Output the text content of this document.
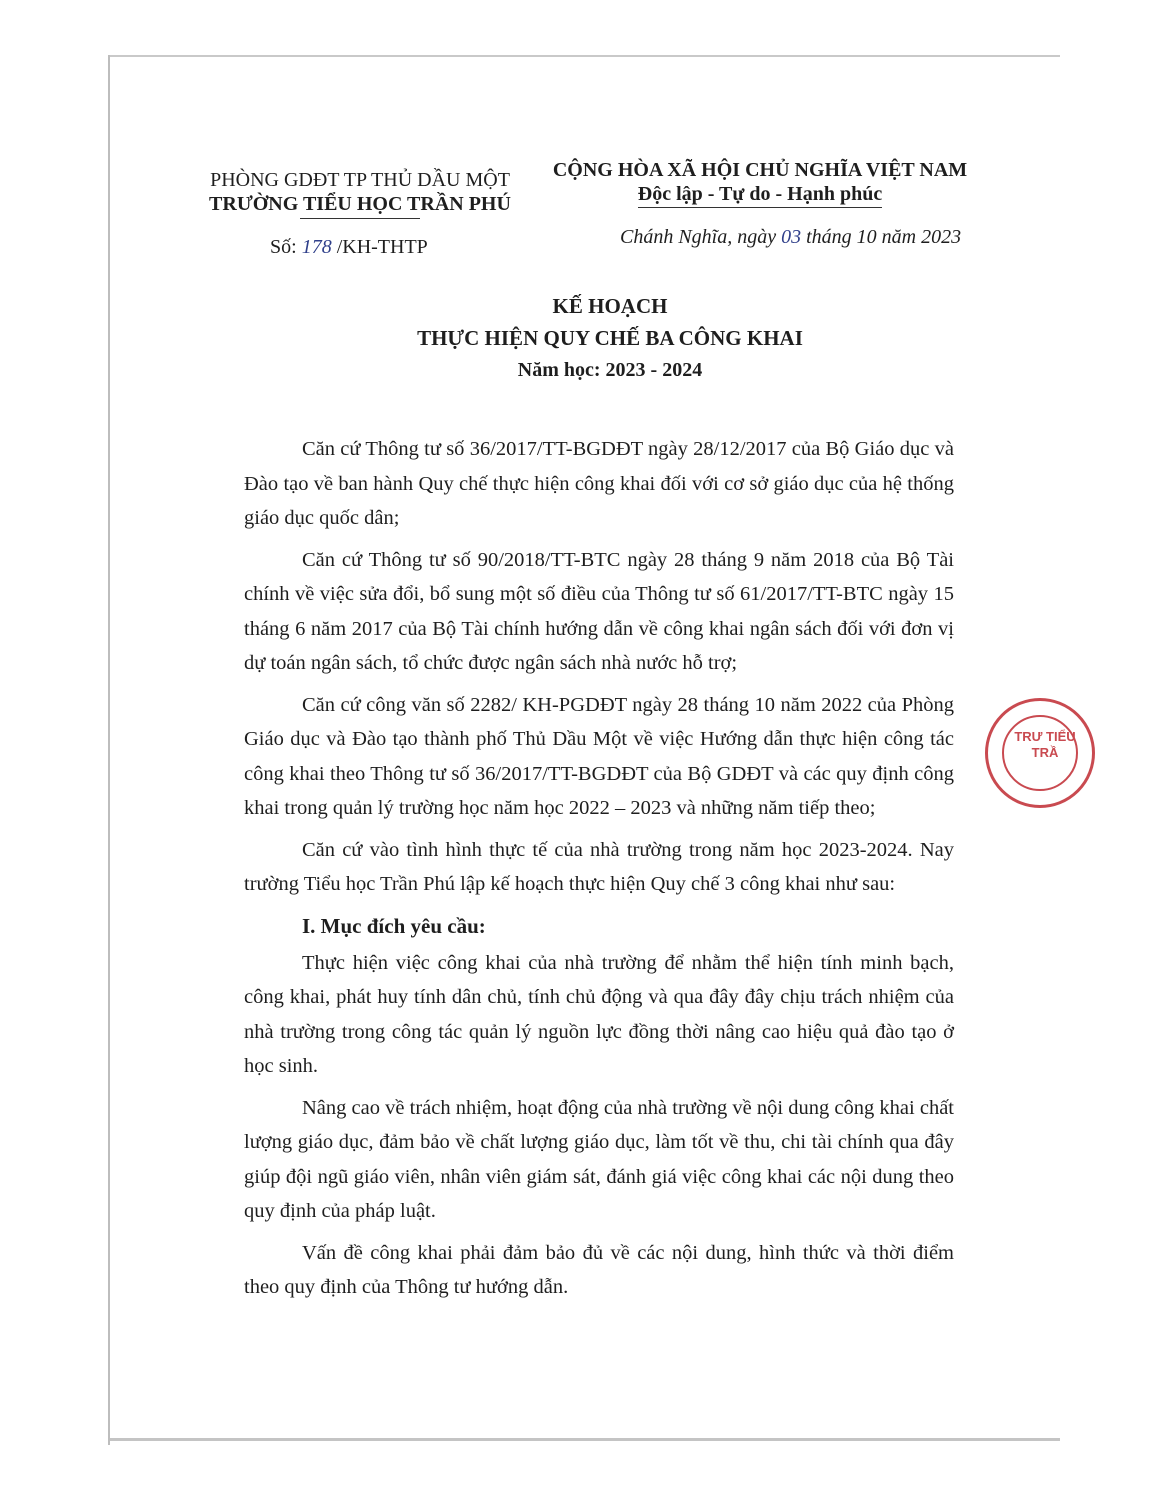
PHÒNG GDĐT TP THỦ DẦU MỘT
TRƯỜNG TIỂU HỌC TRẦN PHÚ
Số: 178 /KH-THTP
CỘNG HÒA XÃ HỘI CHỦ NGHĨA VIỆT NAM
Độc lập - Tự do - Hạnh phúc
Chánh Nghĩa, ngày 03 tháng 10 năm 2023
KẾ HOẠCH
THỰC HIỆN QUY CHẾ BA CÔNG KHAI
Năm học: 2023 - 2024

Căn cứ Thông tư số 36/2017/TT-BGDĐT ngày 28/12/2017 của Bộ Giáo dục và Đào tạo về ban hành Quy chế thực hiện công khai đối với cơ sở giáo dục của hệ thống giáo dục quốc dân;

Căn cứ Thông tư số 90/2018/TT-BTC ngày 28 tháng 9 năm 2018 của Bộ Tài chính về việc sửa đổi, bổ sung một số điều của Thông tư số 61/2017/TT-BTC ngày 15 tháng 6 năm 2017 của Bộ Tài chính hướng dẫn về công khai ngân sách đối với đơn vị dự toán ngân sách, tổ chức được ngân sách nhà nước hỗ trợ;

Căn cứ công văn số 2282/ KH-PGDĐT ngày 28 tháng 10 năm 2022 của Phòng Giáo dục và Đào tạo thành phố Thủ Dầu Một về việc Hướng dẫn thực hiện công tác công khai theo Thông tư số 36/2017/TT-BGDĐT của Bộ GDĐT và các quy định công khai trong quản lý trường học năm học 2022 – 2023 và những năm tiếp theo;

Căn cứ vào tình hình thực tế của nhà trường trong năm học 2023-2024. Nay trường Tiểu học Trần Phú lập kế hoạch thực hiện Quy chế 3 công khai như sau:

I. Mục đích yêu cầu:

Thực hiện việc công khai của nhà trường để nhằm thể hiện tính minh bạch, công khai, phát huy tính dân chủ, tính chủ động và qua đây đây chịu trách nhiệm của nhà trường trong công tác quản lý nguồn lực đồng thời nâng cao hiệu quả đào tạo ở học sinh.

Nâng cao về trách nhiệm, hoạt động của nhà trường về nội dung công khai chất lượng giáo dục, đảm bảo về chất lượng giáo dục, làm tốt về thu, chi tài chính qua đây giúp đội ngũ giáo viên, nhân viên giám sát, đánh giá việc công khai các nội dung theo quy định của pháp luật.

Vấn đề công khai phải đảm bảo đủ về các nội dung, hình thức và thời điểm theo quy định của Thông tư hướng dẫn.

TRƯ TIỂU TRẦ
